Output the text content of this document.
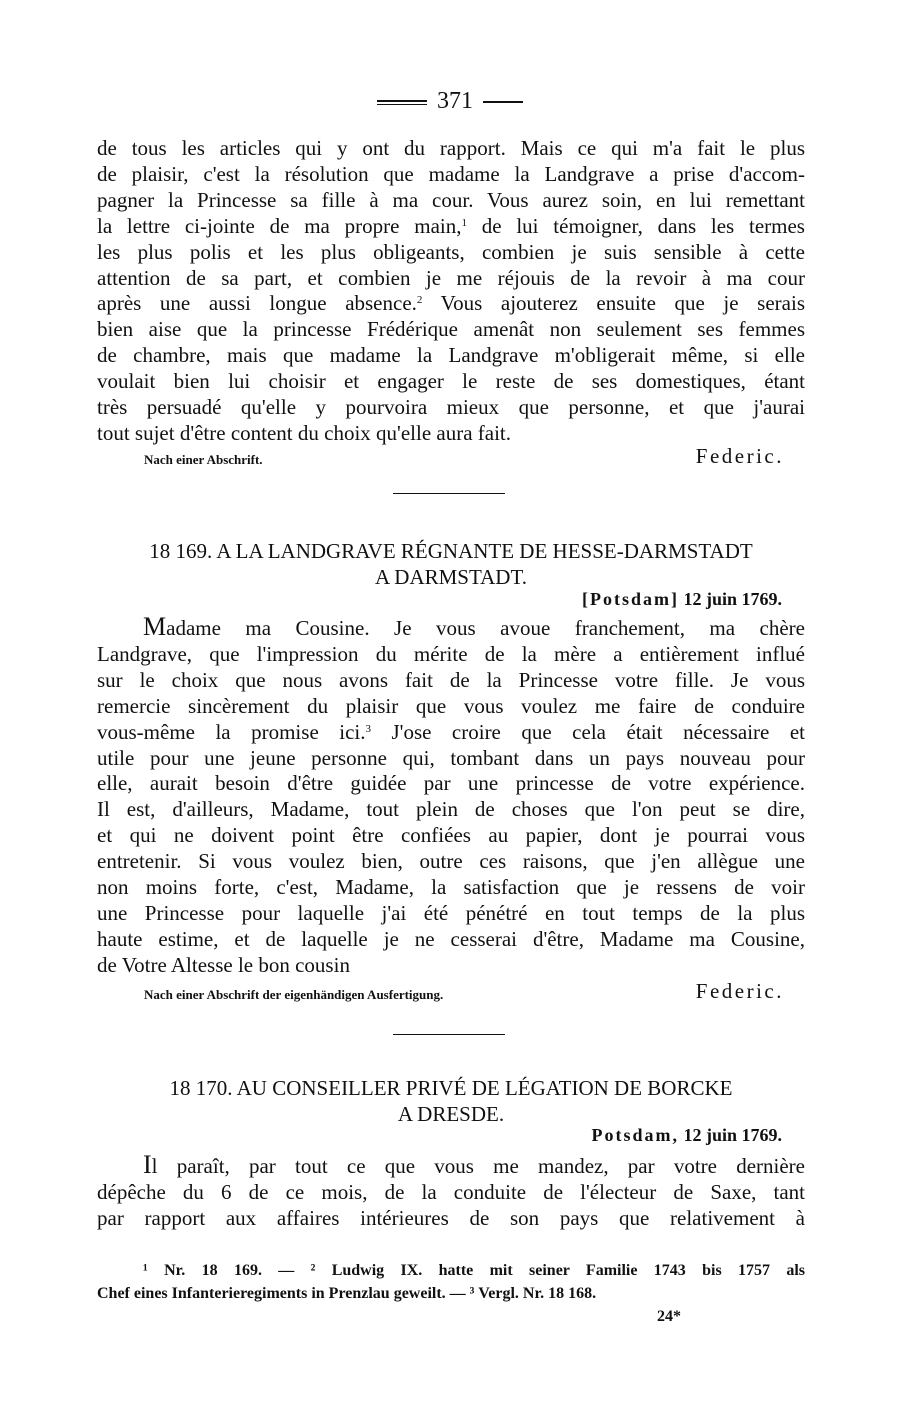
371
de tous les articles qui y ont du rapport. Mais ce qui m'a fait le plus
de plaisir, c'est la résolution que madame la Landgrave a prise d'accom-
pagner la Princesse sa fille à ma cour. Vous aurez soin, en lui remettant
la lettre ci-jointe de ma propre main,$^1$ de lui témoigner, dans les termes
les plus polis et les plus obligeants, combien je suis sensible à cette
attention de sa part, et combien je me réjouis de la revoir à ma cour
après une aussi longue absence.$^2$ Vous ajouterez ensuite que je serais
bien aise que la princesse Frédérique amenât non seulement ses femmes
de chambre, mais que madame la Landgrave m'obligerait même, si elle
voulait bien lui choisir et engager le reste de ses domestiques, étant
très persuadé qu'elle y pourvoira mieux que personne, et que j'aurai
tout sujet d'être content du choix qu'elle aura fait.
Nach einer Abschrift.	Federic.
18 169. A LA LANDGRAVE RÉGNANTE DE HESSE-DARMSTADT
A DARMSTADT.
[Potsdam] 12 juin 1769.
Madame ma Cousine. Je vous avoue franchement, ma chère
Landgrave, que l'impression du mérite de la mère a entièrement influé
sur le choix que nous avons fait de la Princesse votre fille. Je vous
remercie sincèrement du plaisir que vous voulez me faire de conduire
vous-même la promise ici.$^3$ J'ose croire que cela était nécessaire et
utile pour une jeune personne qui, tombant dans un pays nouveau pour
elle, aurait besoin d'être guidée par une princesse de votre expérience.
Il est, d'ailleurs, Madame, tout plein de choses que l'on peut se dire,
et qui ne doivent point être confiées au papier, dont je pourrai vous
entretenir. Si vous voulez bien, outre ces raisons, que j'en allègue une
non moins forte, c'est, Madame, la satisfaction que je ressens de voir
une Princesse pour laquelle j'ai été pénétré en tout temps de la plus
haute estime, et de laquelle je ne cesserai d'être, Madame ma Cousine,
de Votre Altesse le bon cousin
Nach einer Abschrift der eigenhändigen Ausfertigung.	Federic.
18 170. AU CONSEILLER PRIVÉ DE LÉGATION DE BORCKE
A DRESDE.
Potsdam, 12 juin 1769.
Il paraît, par tout ce que vous me mandez, par votre dernière
dépêche du 6 de ce mois, de la conduite de l'électeur de Saxe, tant
par rapport aux affaires intérieures de son pays que relativement à
¹ Nr. 18 169. — ² Ludwig IX. hatte mit seiner Familie 1743 bis 1757 als
Chef eines Infanterieregiments in Prenzlau geweilt. — ³ Vergl. Nr. 18 168.
24*
